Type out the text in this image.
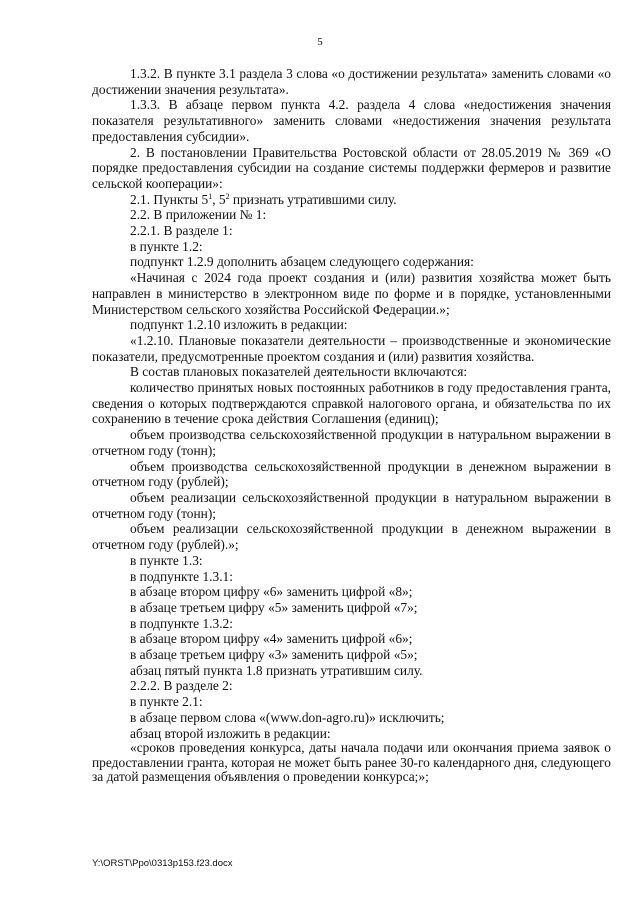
5

1.3.2. В пункте 3.1 раздела 3 слова «о достижении результата» заменить словами «о достижении значения результата».

1.3.3. В абзаце первом пункта 4.2. раздела 4 слова «недостижения значения показателя результативного» заменить словами «недостижения значения результата предоставления субсидии».

2. В постановлении Правительства Ростовской области от 28.05.2019 № 369 «О порядке предоставления субсидии на создание системы поддержки фермеров и развитие сельской кооперации»:

2.1. Пункты $5^1$, $5^2$ признать утратившими силу.

2.2. В приложении № 1:

2.2.1. В разделе 1:

в пункте 1.2:

подпункт 1.2.9 дополнить абзацем следующего содержания:

«Начиная с 2024 года проект создания и (или) развития хозяйства может быть направлен в министерство в электронном виде по форме и в порядке, установленными Министерством сельского хозяйства Российской Федерации.»;

подпункт 1.2.10 изложить в редакции:

«1.2.10. Плановые показатели деятельности – производственные и экономические показатели, предусмотренные проектом создания и (или) развития хозяйства.

В состав плановых показателей деятельности включаются:

количество принятых новых постоянных работников в году предоставления гранта, сведения о которых подтверждаются справкой налогового органа, и обязательства по их сохранению в течение срока действия Соглашения (единиц);

объем производства сельскохозяйственной продукции в натуральном выражении в отчетном году (тонн);

объем производства сельскохозяйственной продукции в денежном выражении в отчетном году (рублей);

объем реализации сельскохозяйственной продукции в натуральном выражении в отчетном году (тонн);

объем реализации сельскохозяйственной продукции в денежном выражении в отчетном году (рублей).»;

в пункте 1.3:

в подпункте 1.3.1:

в абзаце втором цифру «6» заменить цифрой «8»;

в абзаце третьем цифру «5» заменить цифрой «7»;

в подпункте 1.3.2:

в абзаце втором цифру «4» заменить цифрой «6»;

в абзаце третьем цифру «3» заменить цифрой «5»;

абзац пятый пункта 1.8 признать утратившим силу.

2.2.2. В разделе 2:

в пункте 2.1:

в абзаце первом слова «(www.don-agro.ru)» исключить;

абзац второй изложить в редакции:

«сроков проведения конкурса, даты начала подачи или окончания приема заявок о предоставлении гранта, которая не может быть ранее 30-го календарного дня, следующего за датой размещения объявления о проведении конкурса;»;

Y:\ORST\Ppo\0313p153.f23.docx
